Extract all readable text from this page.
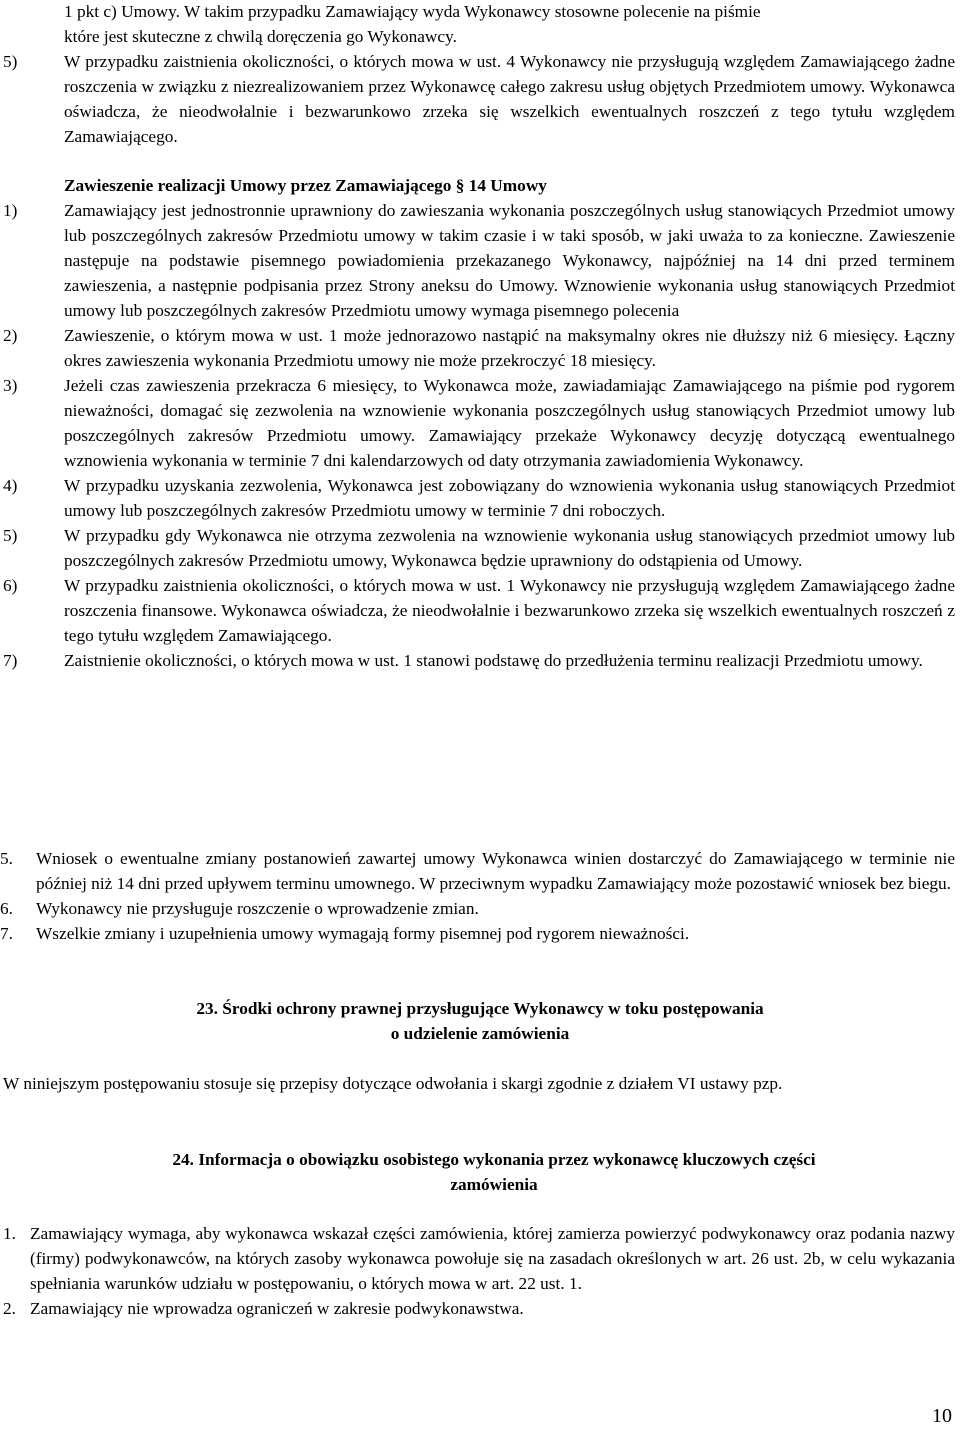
1 pkt c) Umowy. W takim przypadku Zamawiający wyda Wykonawcy stosowne polecenie na piśmie

które jest skuteczne z chwilą doręczenia go Wykonawcy.

5)	W przypadku zaistnienia okoliczności, o których mowa w ust. 4 Wykonawcy nie przysługują względem Zamawiającego żadne roszczenia w związku z niezrealizowaniem przez Wykonawcę całego zakresu usług objętych Przedmiotem umowy. Wykonawca oświadcza, że nieodwołalnie i bezwarunkowo zrzeka się wszelkich ewentualnych roszczeń z tego tytułu względem Zamawiającego.

Zawieszenie realizacji Umowy przez Zamawiającego § 14 Umowy

1)	Zamawiający jest jednostronnie uprawniony do zawieszania wykonania poszczególnych usług stanowiących Przedmiot umowy lub poszczególnych zakresów Przedmiotu umowy w takim czasie i w taki sposób, w jaki uważa to za konieczne. Zawieszenie następuje na podstawie pisemnego powiadomienia przekazanego Wykonawcy, najpóźniej na 14 dni przed terminem zawieszenia, a następnie podpisania przez Strony aneksu do Umowy. Wznowienie wykonania usług stanowiących Przedmiot umowy lub poszczególnych zakresów Przedmiotu umowy wymaga pisemnego polecenia
2)	Zawieszenie, o którym mowa w ust. 1 może jednorazowo nastąpić na maksymalny okres nie dłuższy niż 6 miesięcy. Łączny okres zawieszenia wykonania Przedmiotu umowy nie może przekroczyć 18 miesięcy.
3)	Jeżeli czas zawieszenia przekracza 6 miesięcy, to Wykonawca może, zawiadamiając Zamawiającego na piśmie pod rygorem nieważności, domagać się zezwolenia na wznowienie wykonania poszczególnych usług stanowiących Przedmiot umowy lub poszczególnych zakresów Przedmiotu umowy. Zamawiający przekaże Wykonawcy decyzję dotyczącą ewentualnego wznowienia wykonania w terminie 7 dni kalendarzowych od daty otrzymania zawiadomienia Wykonawcy.
4)	W przypadku uzyskania zezwolenia, Wykonawca jest zobowiązany do wznowienia wykonania usług stanowiących Przedmiot umowy lub poszczególnych zakresów Przedmiotu umowy w terminie 7 dni roboczych.
5)	W przypadku gdy Wykonawca nie otrzyma zezwolenia na wznowienie wykonania usług stanowiących przedmiot umowy lub poszczególnych zakresów Przedmiotu umowy, Wykonawca będzie uprawniony do odstąpienia od Umowy.
6)	W przypadku zaistnienia okoliczności, o których mowa w ust. 1 Wykonawcy nie przysługują względem Zamawiającego żadne roszczenia finansowe. Wykonawca oświadcza, że nieodwołalnie i bezwarunkowo zrzeka się wszelkich ewentualnych roszczeń z tego tytułu względem Zamawiającego.
7)	Zaistnienie okoliczności, o których mowa w ust. 1 stanowi podstawę do przedłużenia terminu realizacji Przedmiotu umowy.
5. Wniosek o ewentualne zmiany postanowień zawartej umowy Wykonawca winien dostarczyć do Zamawiającego w terminie nie później niż 14 dni przed upływem terminu umownego. W przeciwnym wypadku Zamawiający może pozostawić wniosek bez biegu.
6. Wykonawcy nie przysługuje roszczenie o wprowadzenie zmian.
7. Wszelkie zmiany i uzupełnienia umowy wymagają formy pisemnej pod rygorem nieważności.

23. Środki ochrony prawnej przysługujące Wykonawcy w toku postępowania

o udzielenie zamówienia

W niniejszym postępowaniu stosuje się przepisy dotyczące odwołania i skargi zgodnie z działem VI ustawy pzp.

24. Informacja o obowiązku osobistego wykonania przez wykonawcę kluczowych części

zamówienia

1. Zamawiający wymaga, aby wykonawca wskazał części zamówienia, której zamierza powierzyć podwykonawcy oraz podania nazwy (firmy) podwykonawców, na których zasoby wykonawca powołuje się na zasadach określonych w art. 26 ust. 2b, w celu wykazania spełniania warunków udziału w postępowaniu, o których mowa w art. 22 ust. 1.
2. Zamawiający nie wprowadza ograniczeń w zakresie podwykonawstwa.
10
